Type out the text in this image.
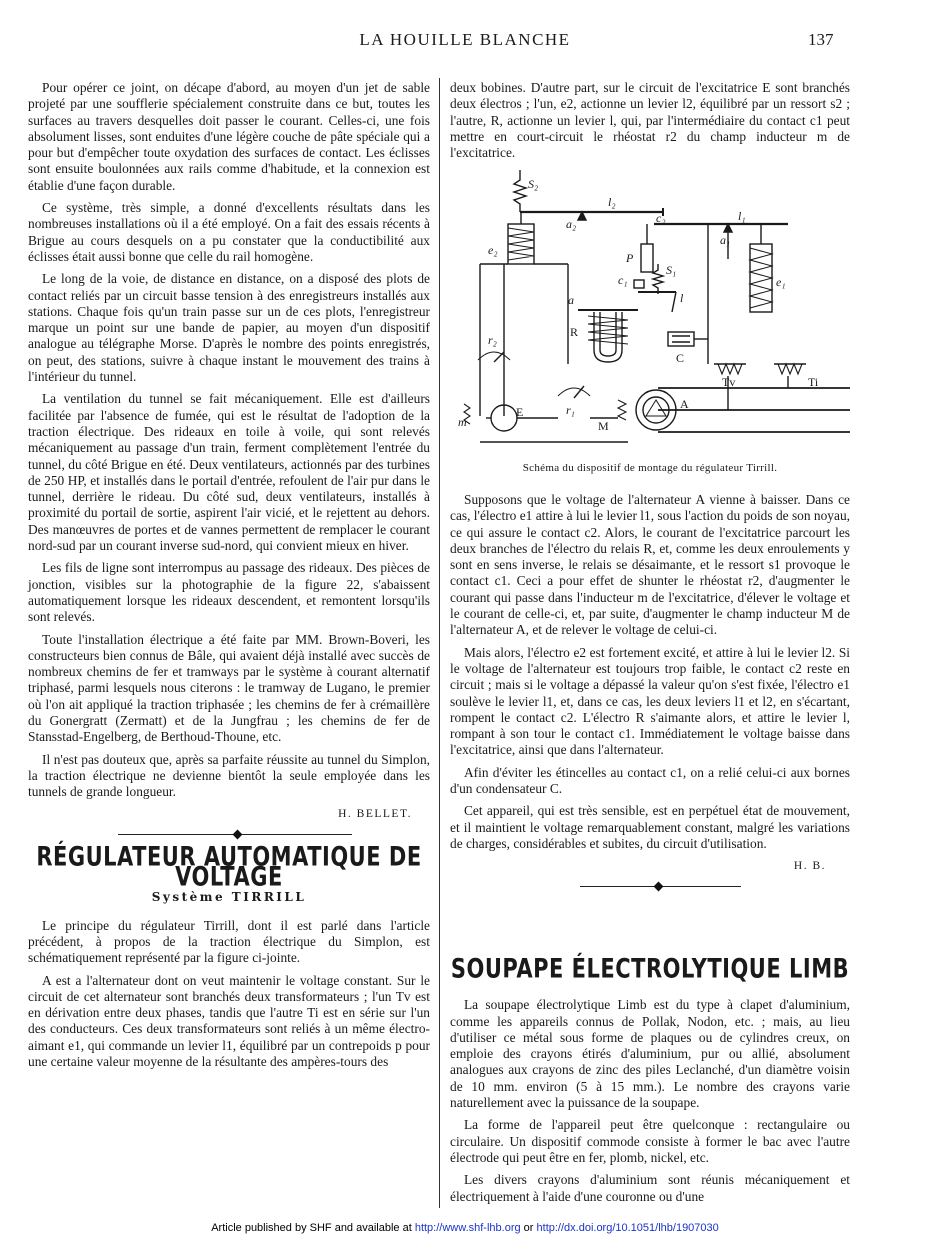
LA HOUILLE BLANCHE	137

Pour opérer ce joint, on décape d'abord, au moyen d'un jet de sable projeté par une soufflerie spécialement construite dans ce but, toutes les surfaces au travers desquelles doit passer le courant. Celles-ci, une fois absolument lisses, sont enduites d'une légère couche de pâte spéciale qui a pour but d'empêcher toute oxydation des surfaces de contact. Les éclisses sont ensuite boulonnées aux rails comme d'habitude, et la connexion est établie d'une façon durable.

Ce système, très simple, a donné d'excellents résultats dans les nombreuses installations où il a été employé. On a fait des essais récents à Brigue au cours desquels on a pu constater que la conductibilité aux éclisses était aussi bonne que celle du rail homogène.

Le long de la voie, de distance en distance, on a disposé des plots de contact reliés par un circuit basse tension à des enregistreurs installés aux stations. Chaque fois qu'un train passe sur un de ces plots, l'enregistreur marque un point sur une bande de papier, au moyen d'un dispositif analogue au télégraphe Morse. D'après le nombre des points enregistrés, on peut, des stations, suivre à chaque instant le mouvement des trains à l'intérieur du tunnel.

La ventilation du tunnel se fait mécaniquement. Elle est d'ailleurs facilitée par l'absence de fumée, qui est le résultat de l'adoption de la traction électrique. Des rideaux en toile à voile, qui sont relevés mécaniquement au passage d'un train, ferment complètement l'entrée du tunnel, du côté Brigue en été. Deux ventilateurs, actionnés par des turbines de 250 HP, et installés dans le portail d'entrée, refoulent de l'air pur dans le tunnel, derrière le rideau. Du côté sud, deux ventilateurs, installés à proximité du portail de sortie, aspirent l'air vicié, et le rejettent au dehors. Des manœuvres de portes et de vannes permettent de remplacer le courant nord-sud par un courant inverse sud-nord, qui convient mieux en hiver.

Les fils de ligne sont interrompus au passage des rideaux. Des pièces de jonction, visibles sur la photographie de la figure 22, s'abaissent automatiquement lorsque les rideaux descendent, et remontent lorsqu'ils sont relevés.

Toute l'installation électrique a été faite par MM. Brown-Boveri, les constructeurs bien connus de Bâle, qui avaient déjà installé avec succès de nombreux chemins de fer et tramways par le système à courant alternatif triphasé, parmi lesquels nous citerons : le tramway de Lugano, le premier où l'on ait appliqué la traction triphasée ; les chemins de fer à crémaillère du Gonergratt (Zermatt) et de la Jungfrau ; les chemins de fer de Stansstad-Engelberg, de Berthoud-Thoune, etc.

Il n'est pas douteux que, après sa parfaite réussite au tunnel du Simplon, la traction électrique ne devienne bientôt la seule employée dans les tunnels de grande longueur.

H. BELLET.

RÉGULATEUR AUTOMATIQUE DE VOLTAGE
Système TIRRILL

Le principe du régulateur Tirrill, dont il est parlé dans l'article précédent, à propos de la traction électrique du Simplon, est schématiquement représenté par la figure ci-jointe.

A est a l'alternateur dont on veut maintenir le voltage constant. Sur le circuit de cet alternateur sont branchés deux transformateurs ; l'un Tv est en dérivation entre deux phases, tandis que l'autre Ti est en série sur l'un des conducteurs. Ces deux transformateurs sont reliés à un même électro-aimant e1, qui commande un levier l1, équilibré par un contrepoids p pour une certaine valeur moyenne de la résultante des ampères-tours des

deux bobines. D'autre part, sur le circuit de l'excitatrice E sont branchés deux électros ; l'un, e2, actionne un levier l2, équilibré par un ressort s2 ; l'autre, R, actionne un levier l, qui, par l'intermédiaire du contact c1 peut mettre en court-circuit le rhéostat r2 du champ inducteur m de l'excitatrice.

S₂
l₂
c₂	l₁
a₂
a₁
e₂
P
e₁
S₁
c₁
l
a
R
C
Tv	Ti
r₂
m
E	r₁
M
A
Schéma du dispositif de montage du régulateur Tirrill.

Supposons que le voltage de l'alternateur A vienne à baisser. Dans ce cas, l'électro e1 attire à lui le levier l1, sous l'action du poids de son noyau, ce qui assure le contact c2. Alors, le courant de l'excitatrice parcourt les deux branches de l'électro du relais R, et, comme les deux enroulements y sont en sens inverse, le relais se désaimante, et le ressort s1 provoque le contact c1. Ceci a pour effet de shunter le rhéostat r2, d'augmenter le courant qui passe dans l'inducteur m de l'excitatrice, d'élever le voltage et le courant de celle-ci, et, par suite, d'augmenter le champ inducteur M de l'alternateur A, et de relever le voltage de celui-ci.

Mais alors, l'électro e2 est fortement excité, et attire à lui le levier l2. Si le voltage de l'alternateur est toujours trop faible, le contact c2 reste en circuit ; mais si le voltage a dépassé la valeur qu'on s'est fixée, l'électro e1 soulève le levier l1, et, dans ce cas, les deux leviers l1 et l2, en s'écartant, rompent le contact c2. L'électro R s'aimante alors, et attire le levier l, rompant à son tour le contact c1. Immédiatement le voltage baisse dans l'excitatrice, ainsi que dans l'alternateur.

Afin d'éviter les étincelles au contact c1, on a relié celui-ci aux bornes d'un condensateur C.

Cet appareil, qui est très sensible, est en perpétuel état de mouvement, et il maintient le voltage remarquablement constant, malgré les variations de charges, considérables et subites, du circuit d'utilisation.

H. B.

SOUPAPE ÉLECTROLYTIQUE LIMB

La soupape électrolytique Limb est du type à clapet d'aluminium, comme les appareils connus de Pollak, Nodon, etc. ; mais, au lieu d'utiliser ce métal sous forme de plaques ou de cylindres creux, on emploie des crayons étirés d'aluminium, pur ou allié, absolument analogues aux crayons de zinc des piles Leclanché, d'un diamètre voisin de 10 mm. environ (5 à 15 mm.). Le nombre des crayons varie naturellement avec la puissance de la soupape.

La forme de l'appareil peut être quelconque : rectangulaire ou circulaire. Un dispositif commode consiste à former le bac avec l'autre électrode qui peut être en fer, plomb, nickel, etc.

Les divers crayons d'aluminium sont réunis mécaniquement et électriquement à l'aide d'une couronne ou d'une

Article published by SHF and available at http://www.shf-lhb.org or http://dx.doi.org/10.1051/lhb/1907030
